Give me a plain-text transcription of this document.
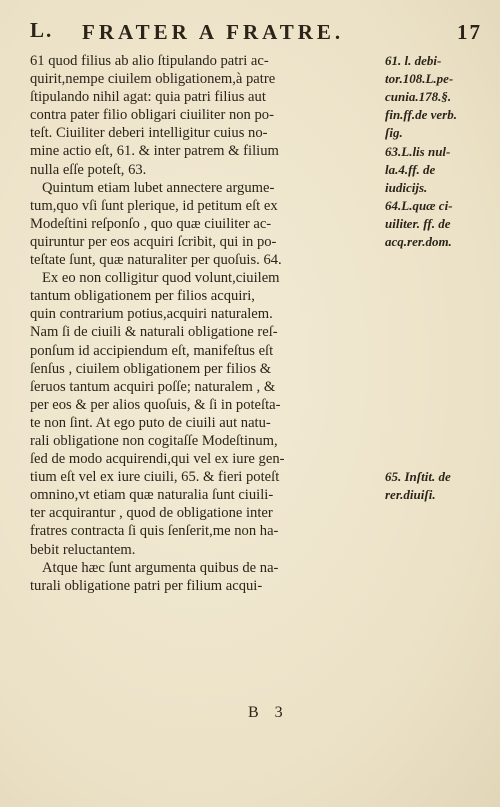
L. FRATER A FRATRE.	17
61 quod filius ab alio ſtipulando patri ac-
quirit,nempe ciuilem obligationem,à patre
ſtipulando nihil agat: quia patri filius aut
contra pater filio obligari ciuiliter non po-
teſt. Ciuiliter deberi intelligitur cuius no-
mine actio eſt, 61. & inter patrem & filium
nulla eſſe poteſt, 63.
Quintum etiam lubet annectere argume-
tum,quo vſi ſunt plerique, id petitum eſt ex
Modeſtini reſponſo , quo quæ ciuiliter ac-
quiruntur per eos acquiri ſcribit, qui in po-
teſtate ſunt, quæ naturaliter per quoſuis. 64.
Ex eo non colligitur quod volunt,ciuilem
tantum obligationem per filios acquiri,
quin contrarium potius,acquiri naturalem.
Nam ſi de ciuili & naturali obligatione reſ-
ponſum id accipiendum eſt, manifeſtus eſt
ſenſus , ciuilem obligationem per filios &
ſeruos tantum acquiri poſſe; naturalem , &
per eos & per alios quoſuis, & ſi in poteſta-
te non ſint. At ego puto de ciuili aut natu-
rali obligatione non cogitaſſe Modeſtinum,
ſed de modo acquirendi,qui vel ex iure gen-
tium eſt vel ex iure ciuili, 65. & fieri poteſt
omnino,vt etiam quæ naturalia ſunt ciuili-
ter acquirantur , quod de obligatione inter
fratres contracta ſi quis ſenſerit,me non ha-
bebit reluctantem.
Atque hæc ſunt argumenta quibus de na-
turali obligatione patri per filium acqui-
61. l. debi-
tor.108.L.pe-
cunia.178.§.
fin.ff.de verb.
ſig.
63.L.lis nul-
la.4.ff. de
iudicijs.
64.L.quæ ci-
uiliter. ff. de
acq.rer.dom.
65. Inſtit. de
rer.diuiſi.
B 3
